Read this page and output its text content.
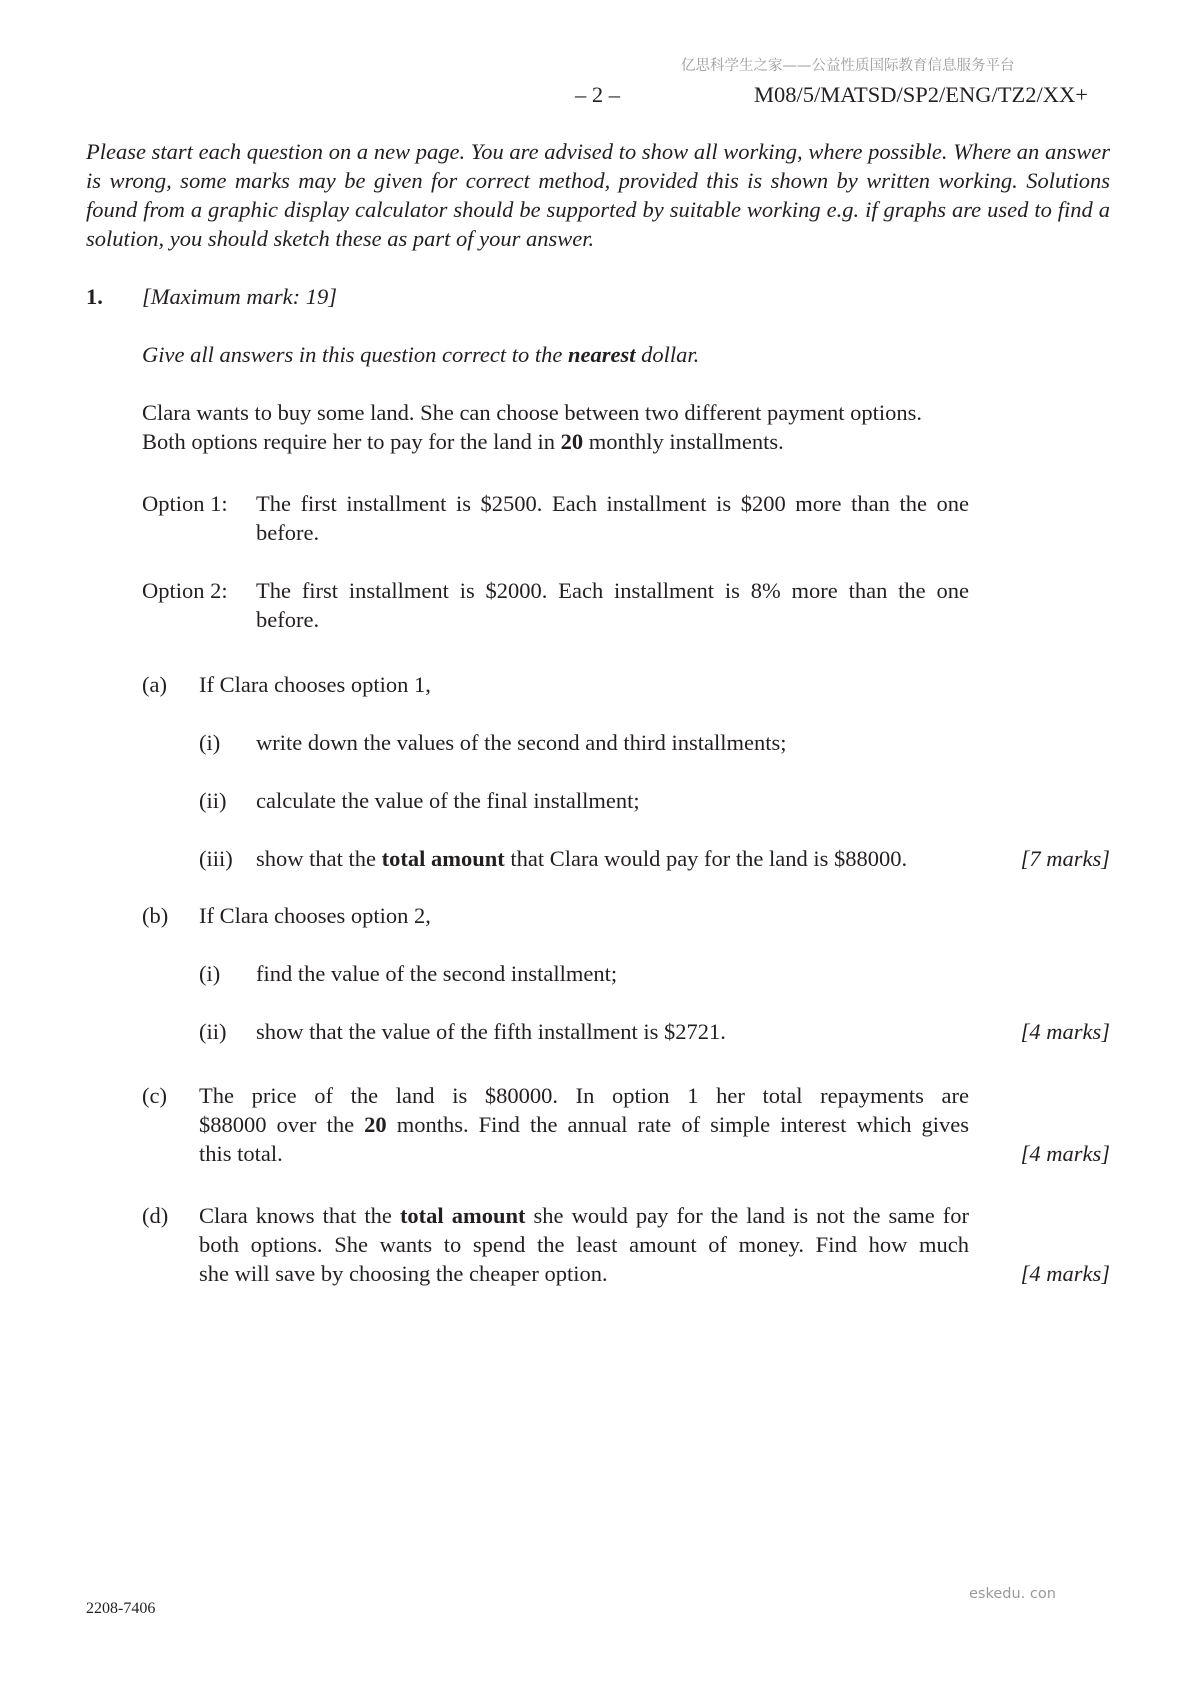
亿思科学生之家——公益性质国际教育信息服务平台
– 2 –	M08/5/MATSD/SP2/ENG/TZ2/XX+
Please start each question on a new page. You are advised to show all working, where possible. Where an answer is wrong, some marks may be given for correct method, provided this is shown by written working. Solutions found from a graphic display calculator should be supported by suitable working e.g. if graphs are used to find a solution, you should sketch these as part of your answer.
1. [Maximum mark: 19]
Give all answers in this question correct to the nearest dollar.
Clara wants to buy some land. She can choose between two different payment options.
Both options require her to pay for the land in 20 monthly installments.
Option 1: The first installment is $2500. Each installment is $200 more than the one before.
Option 2: The first installment is $2000. Each installment is 8% more than the one before.
(a) If Clara chooses option 1,
(i) write down the values of the second and third installments;
(ii) calculate the value of the final installment;
(iii) show that the total amount that Clara would pay for the land is $88000.	[7 marks]
(b) If Clara chooses option 2,
(i) find the value of the second installment;
(ii) show that the value of the fifth installment is $2721.	[4 marks]
(c) The price of the land is $80000. In option 1 her total repayments are
$88000 over the 20 months. Find the annual rate of simple interest which gives
this total.	[4 marks]
(d) Clara knows that the total amount she would pay for the land is not the same for
both options. She wants to spend the least amount of money. Find how much
she will save by choosing the cheaper option.	[4 marks]
eskedu. con
2208-7406
